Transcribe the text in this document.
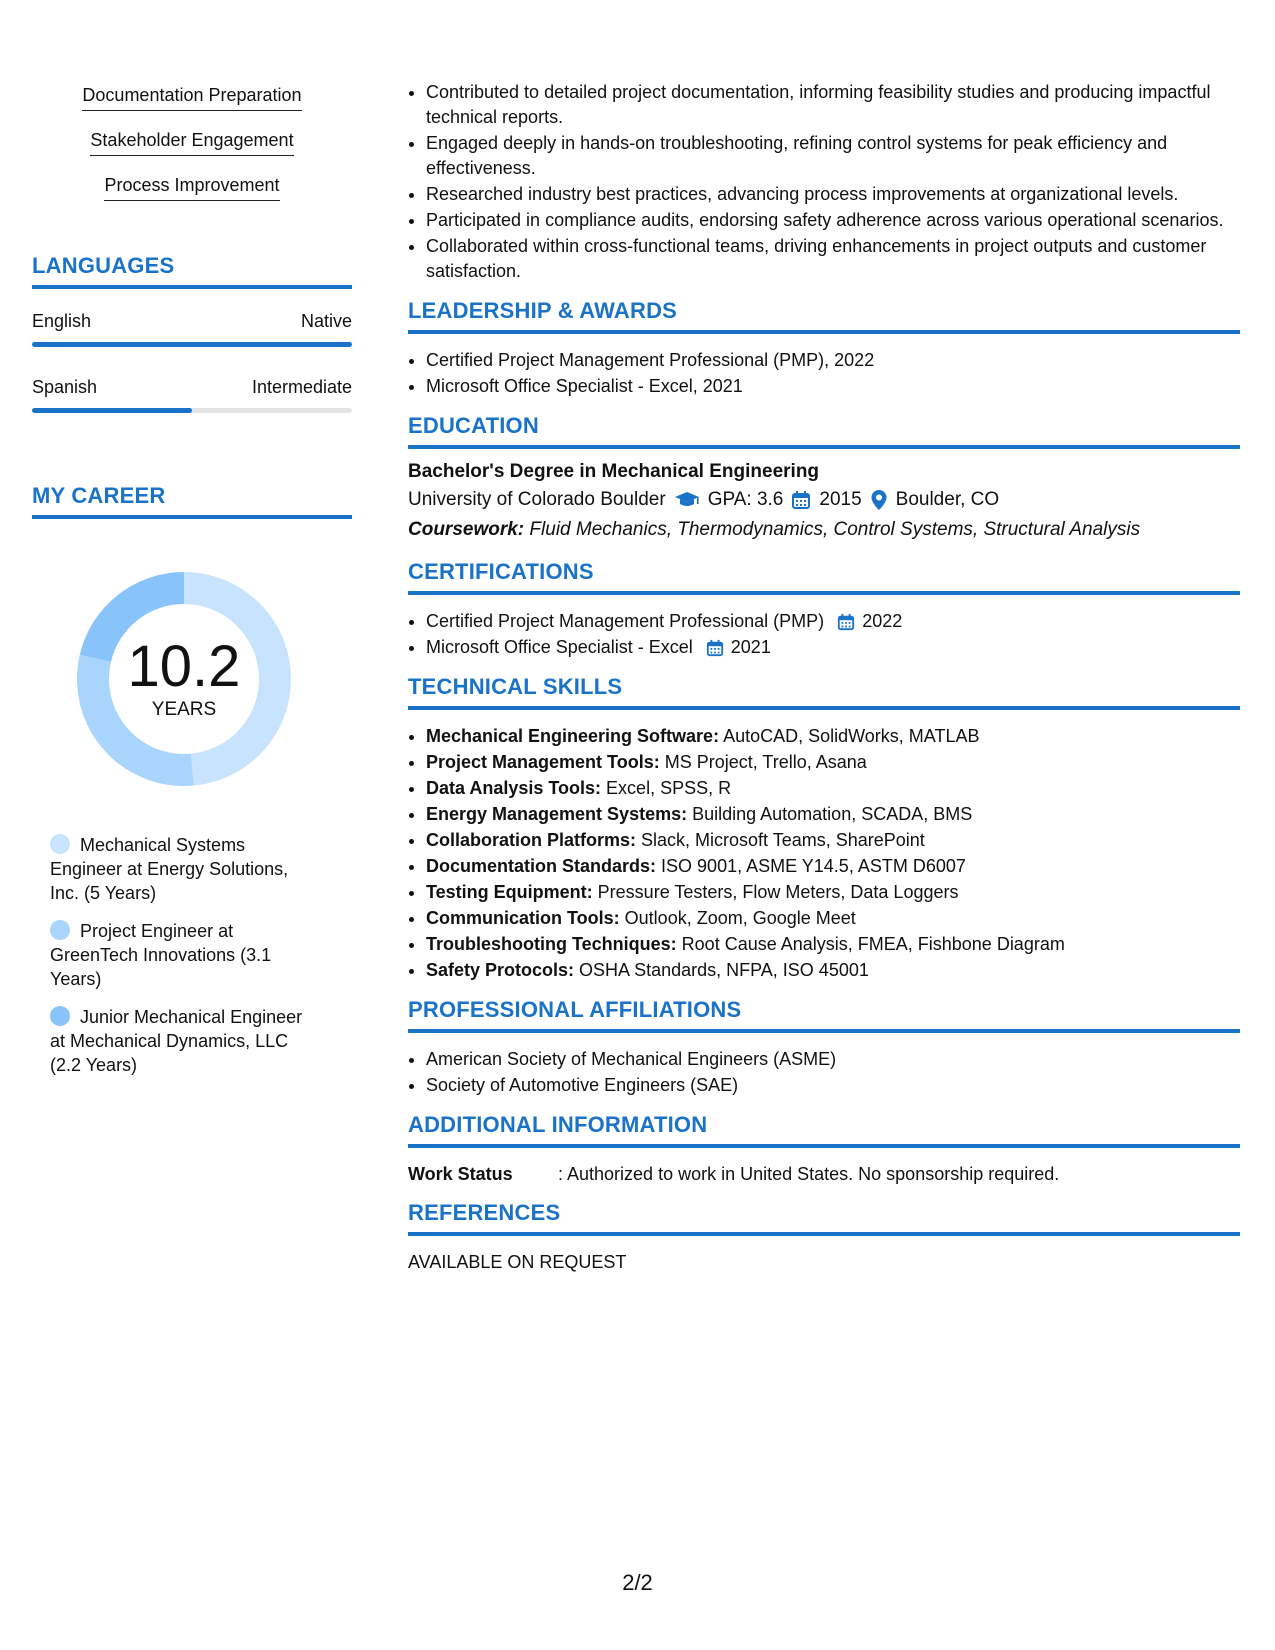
Documentation Preparation
Stakeholder Engagement
Process Improvement
LANGUAGES
English	Native
Spanish	Intermediate
MY CAREER
10.2
YEARS
Mechanical Systems Engineer at Energy Solutions, Inc. (5 Years)
Project Engineer at GreenTech Innovations (3.1 Years)
Junior Mechanical Engineer at Mechanical Dynamics, LLC (2.2 Years)
• Contributed to detailed project documentation, informing feasibility studies and producing impactful technical reports.
• Engaged deeply in hands-on troubleshooting, refining control systems for peak efficiency and effectiveness.
• Researched industry best practices, advancing process improvements at organizational levels.
• Participated in compliance audits, endorsing safety adherence across various operational scenarios.
• Collaborated within cross-functional teams, driving enhancements in project outputs and customer satisfaction.
LEADERSHIP & AWARDS
• Certified Project Management Professional (PMP), 2022
• Microsoft Office Specialist - Excel, 2021
EDUCATION
Bachelor's Degree in Mechanical Engineering
University of Colorado Boulder GPA: 3.6 2015 Boulder, CO
Coursework: Fluid Mechanics, Thermodynamics, Control Systems, Structural Analysis
CERTIFICATIONS
• Certified Project Management Professional (PMP) 2022
• Microsoft Office Specialist - Excel 2021
TECHNICAL SKILLS
• Mechanical Engineering Software: AutoCAD, SolidWorks, MATLAB
• Project Management Tools: MS Project, Trello, Asana
• Data Analysis Tools: Excel, SPSS, R
• Energy Management Systems: Building Automation, SCADA, BMS
• Collaboration Platforms: Slack, Microsoft Teams, SharePoint
• Documentation Standards: ISO 9001, ASME Y14.5, ASTM D6007
• Testing Equipment: Pressure Testers, Flow Meters, Data Loggers
• Communication Tools: Outlook, Zoom, Google Meet
• Troubleshooting Techniques: Root Cause Analysis, FMEA, Fishbone Diagram
• Safety Protocols: OSHA Standards, NFPA, ISO 45001
PROFESSIONAL AFFILIATIONS
• American Society of Mechanical Engineers (ASME)
• Society of Automotive Engineers (SAE)
ADDITIONAL INFORMATION
Work Status	: Authorized to work in United States. No sponsorship required.
REFERENCES
AVAILABLE ON REQUEST
2/2
